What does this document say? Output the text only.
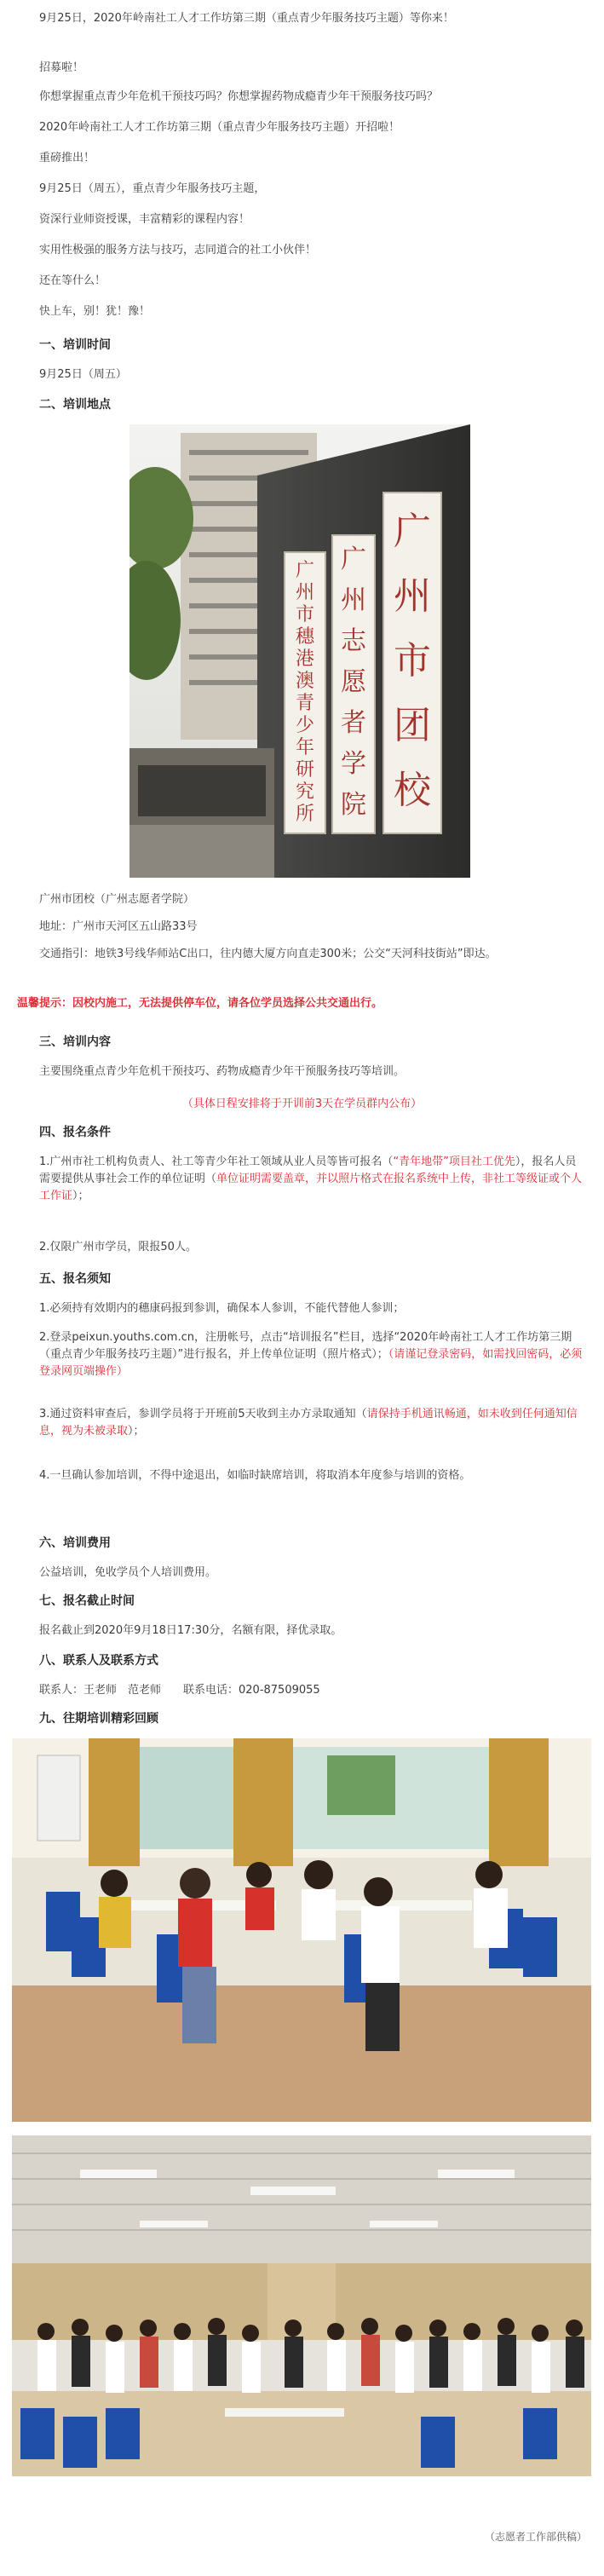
9月25日，2020年岭南社工人才工作坊第三期（重点青少年服务技巧主题）等你来！
招募啦！
你想掌握重点青少年危机干预技巧吗？你想掌握药物成瘾青少年干预服务技巧吗？
2020年岭南社工人才工作坊第三期（重点青少年服务技巧主题）开招啦！
重磅推出！
9月25日（周五），重点青少年服务技巧主题，
资深行业师资授课，丰富精彩的课程内容！
实用性极强的服务方法与技巧，志同道合的社工小伙伴！
还在等什么！
快上车，别！犹！豫！
一、培训时间
9月25日（周五）
二、培训地点
广州市穗港澳青少年研究所
广州志愿者学院
广州市团校
广州市团校（广州志愿者学院）
地址：广州市天河区五山路33号
交通指引：地铁3号线华师站C出口，往内德大厦方向直走300米；公交“天河科技街站”即达。
温馨提示：因校内施工，无法提供停车位，请各位学员选择公共交通出行。
三、培训内容
主要围绕重点青少年危机干预技巧、药物成瘾青少年干预服务技巧等培训。
（具体日程安排将于开训前3天在学员群内公布）
四、报名条件
1.广州市社工机构负责人、社工等青少年社工领域从业人员等皆可报名（“青年地带”项目社工优先），报名人员需要提供从事社会工作的单位证明（单位证明需要盖章，并以照片格式在报名系统中上传，非社工等级证或个人工作证）；
2.仅限广州市学员，限报50人。
五、报名须知
1.必须持有效期内的穗康码报到参训，确保本人参训，不能代替他人参训；
2.登录peixun.youths.com.cn，注册帐号，点击“培训报名”栏目，选择“2020年岭南社工人才工作坊第三期（重点青少年服务技巧主题）”进行报名，并上传单位证明（照片格式）；（请谨记登录密码，如需找回密码，必须登录网页端操作）
3.通过资料审查后，参训学员将于开班前5天收到主办方录取通知（请保持手机通讯畅通，如未收到任何通知信息，视为未被录取）；
4.一旦确认参加培训，不得中途退出，如临时缺席培训，将取消本年度参与培训的资格。
六、培训费用
公益培训，免收学员个人培训费用。
七、报名截止时间
报名截止到2020年9月18日17:30分，名额有限，择优录取。
八、联系人及联系方式
联系人：王老师　范老师　　联系电话：020-87509055
九、往期培训精彩回顾
（志愿者工作部供稿）
